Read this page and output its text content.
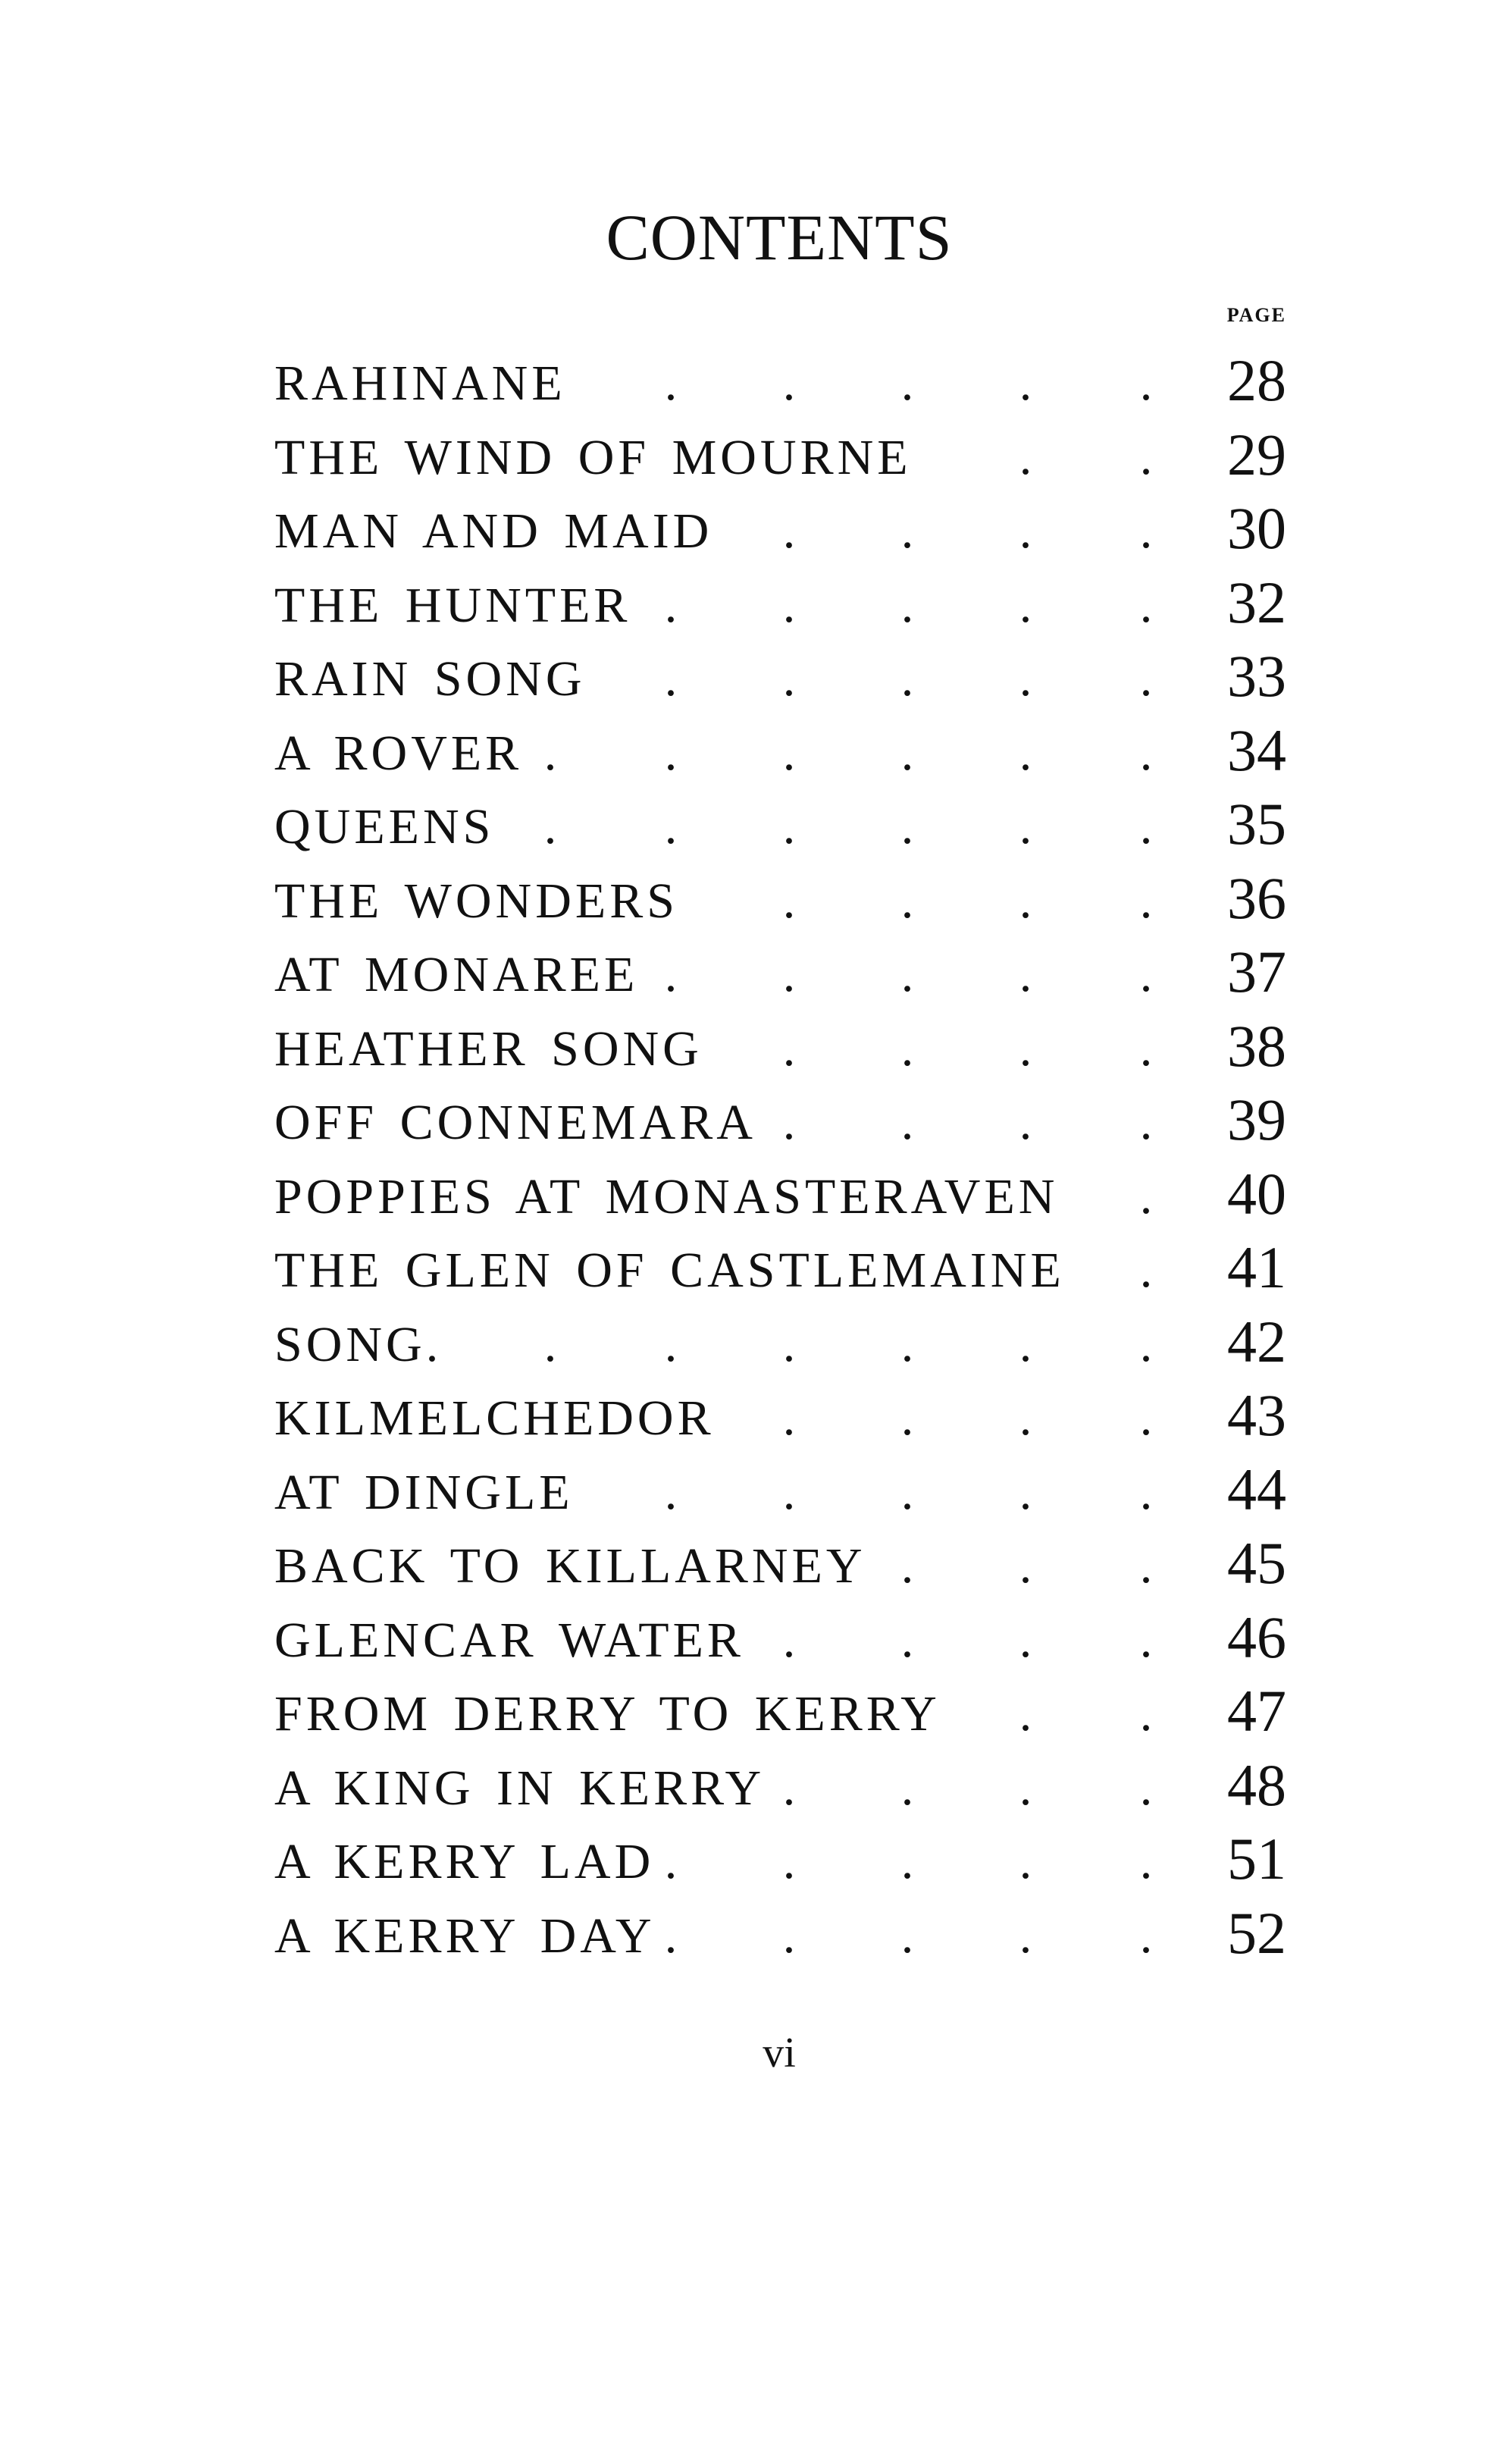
CONTENTS
PAGE
RAHINANE	28
. . . . .
THE WIND OF MOURNE	29
. .
MAN AND MAID	30
. . . .
THE HUNTER	32
. . . . .
RAIN SONG	33
. . . . .
A ROVER	34
. . . . . .
QUEENS	35
. . . . . .
THE WONDERS	36
. . . .
AT MONAREE	37
. . . . .
HEATHER SONG	38
. . . .
OFF CONNEMARA	39
. . . .
POPPIES AT MONASTERAVEN	40
.
THE GLEN OF CASTLEMAINE	41
.
SONG	42
. . . . . . .
KILMELCHEDOR	43
. . . .
AT DINGLE	44
. . . . .
BACK TO KILLARNEY	45
. . .
GLENCAR WATER	46
. . . .
FROM DERRY TO KERRY	47
. .
A KING IN KERRY	48
. . . .
A KERRY LAD	51
. . . . .
A KERRY DAY	52
. . . . .
vi
